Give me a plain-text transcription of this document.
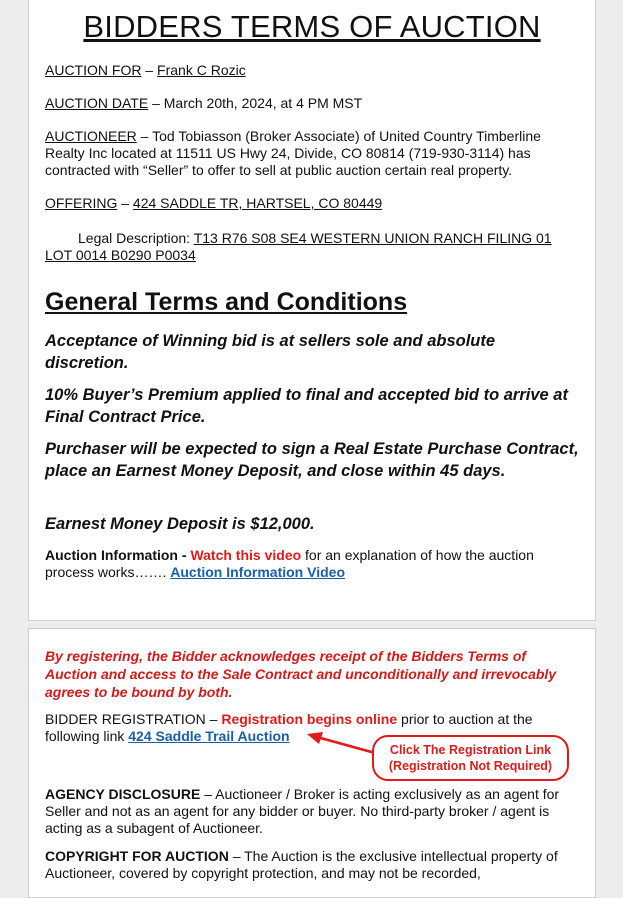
BIDDERS TERMS OF AUCTION

AUCTION FOR – Frank C Rozic

AUCTION DATE – March 20th, 2024, at 4 PM MST

AUCTIONEER – Tod Tobiasson (Broker Associate) of United Country Timberline Realty Inc located at 11511 US Hwy 24, Divide, CO 80814 (719-930-3114) has contracted with “Seller” to offer to sell at public auction certain real property.

OFFERING – 424 SADDLE TR, HARTSEL, CO 80449

Legal Description: T13 R76 S08 SE4 WESTERN UNION RANCH FILING 01 LOT 0014 B0290 P0034

General Terms and Conditions

Acceptance of Winning bid is at sellers sole and absolute discretion.

10% Buyer’s Premium applied to final and accepted bid to arrive at Final Contract Price.

Purchaser will be expected to sign a Real Estate Purchase Contract, place an Earnest Money Deposit, and close within 45 days.

Earnest Money Deposit is $12,000.

Auction Information - Watch this video for an explanation of how the auction process works……. Auction Information Video

By registering, the Bidder acknowledges receipt of the Bidders Terms of Auction and access to the Sale Contract and unconditionally and irrevocably agrees to be bound by both.

BIDDER REGISTRATION – Registration begins online prior to auction at the following link 424 Saddle Trail Auction

Click The Registration Link
(Registration Not Required)

AGENCY DISCLOSURE – Auctioneer / Broker is acting exclusively as an agent for Seller and not as an agent for any bidder or buyer. No third-party broker / agent is acting as a subagent of Auctioneer.

COPYRIGHT FOR AUCTION – The Auction is the exclusive intellectual property of Auctioneer, covered by copyright protection, and may not be recorded,
